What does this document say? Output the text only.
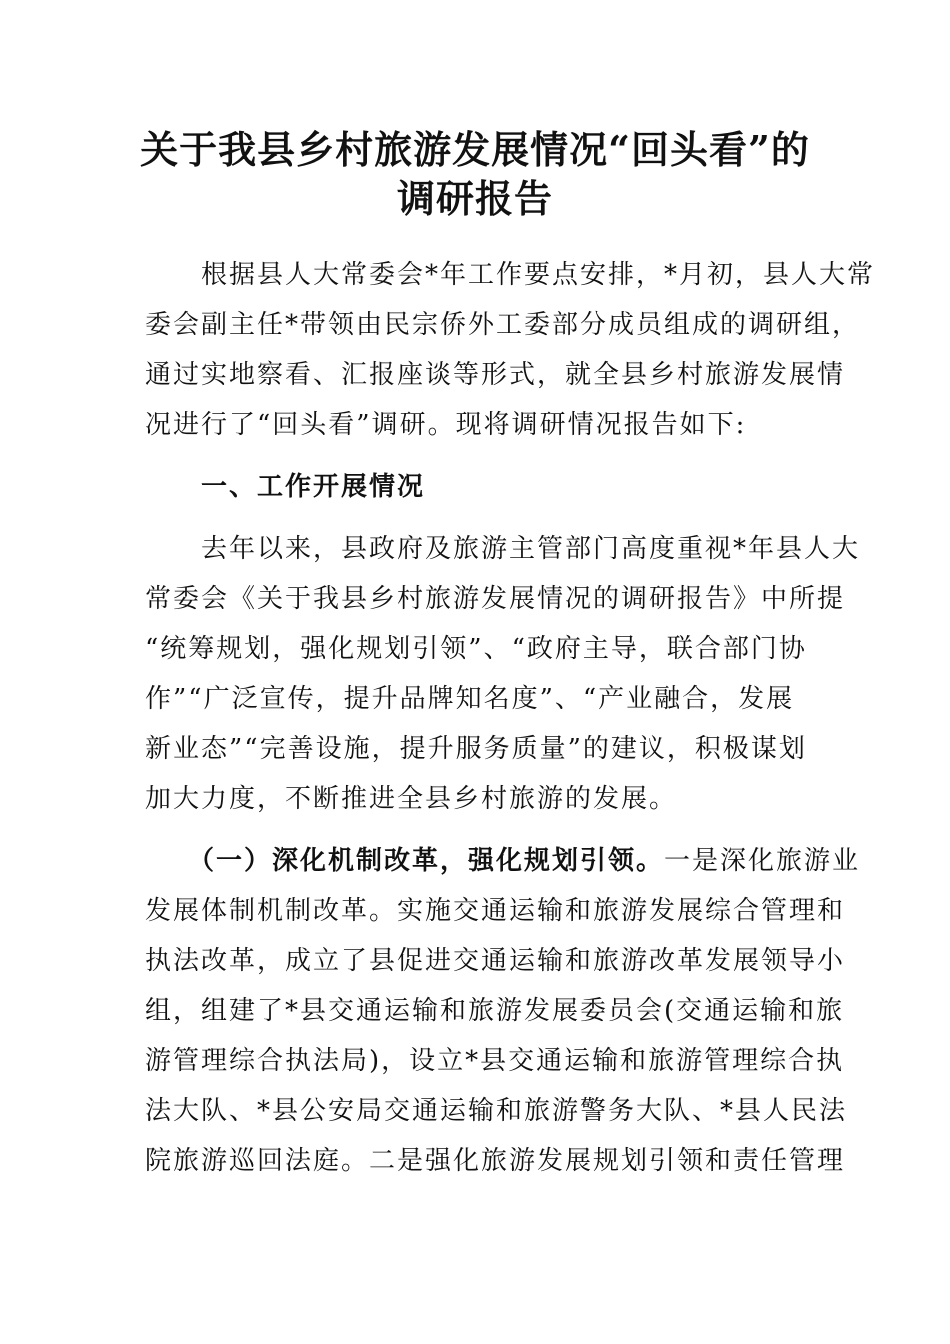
关于我县乡村旅游发展情况“回头看”的
调研报告
　　根据县人大常委会*年工作要点安排，*月初，县人大常
委会副主任*带领由民宗侨外工委部分成员组成的调研组，
通过实地察看、汇报座谈等形式，就全县乡村旅游发展情
况进行了“回头看”调研。现将调研情况报告如下:
　　一、工作开展情况
　　去年以来，县政府及旅游主管部门高度重视*年县人大
常委会《关于我县乡村旅游发展情况的调研报告》中所提
“统筹规划，强化规划引领”、“政府主导，联合部门协
作”“广泛宣传，提升品牌知名度”、“产业融合，发展
新业态”“完善设施，提升服务质量”的建议，积极谋划
加大力度，不断推进全县乡村旅游的发展。
　　（一）深化机制改革，强化规划引领。一是深化旅游业
发展体制机制改革。实施交通运输和旅游发展综合管理和
执法改革，成立了县促进交通运输和旅游改革发展领导小
组，组建了*县交通运输和旅游发展委员会(交通运输和旅
游管理综合执法局)，设立*县交通运输和旅游管理综合执
法大队、*县公安局交通运输和旅游警务大队、*县人民法
院旅游巡回法庭。二是强化旅游发展规划引领和责任管理
